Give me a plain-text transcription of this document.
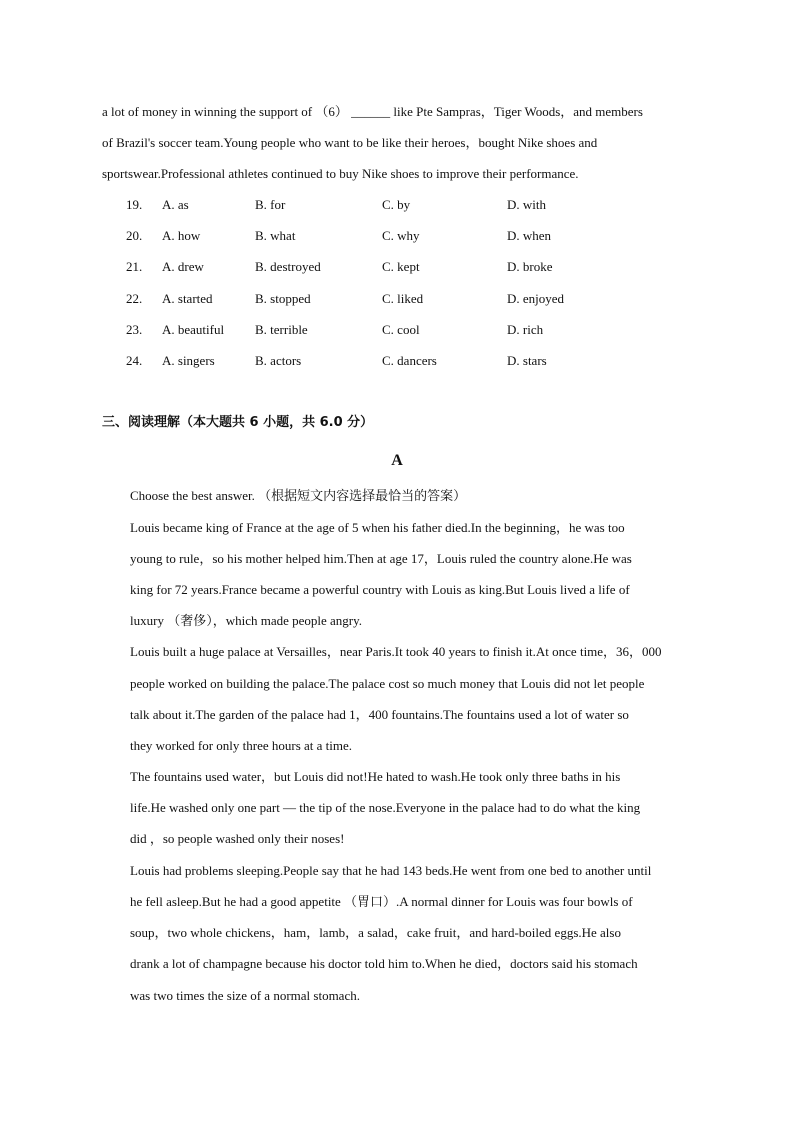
a lot of money in winning the support of （6） ______ like Pte Sampras，Tiger Woods，and members
of Brazil's soccer team.Young people who want to be like their heroes，bought Nike shoes and
sportswear.Professional athletes continued to buy Nike shoes to improve their performance.
19. A. as	B. for	C. by	D. with
20. A. how	B. what	C. why	D. when
21. A. drew	B. destroyed	C. kept	D. broke
22. A. started	B. stopped	C. liked	D. enjoyed
23. A. beautiful B. terrible	C. cool	D. rich
24. A. singers	B. actors	C. dancers	D. stars
三、阅读理解（本大题共 6 小题，共 6.0 分）
A
Choose the best answer. （根据短文内容选择最恰当的答案）
Louis became king of France at the age of 5 when his father died.In the beginning，he was too
young to rule，so his mother helped him.Then at age 17，Louis ruled the country alone.He was
king for 72 years.France became a powerful country with Louis as king.But Louis lived a life of
luxury （奢侈），which made people angry.
Louis built a huge palace at Versailles，near Paris.It took 40 years to finish it.At once time，36，000
people worked on building the palace.The palace cost so much money that Louis did not let people
talk about it.The garden of the palace had 1，400 fountains.The fountains used a lot of water so
they worked for only three hours at a time.
The fountains used water，but Louis did not!He hated to wash.He took only three baths in his
life.He washed only one part — the tip of the nose.Everyone in the palace had to do what the king
did ，so people washed only their noses!
Louis had problems sleeping.People say that he had 143 beds.He went from one bed to another until
he fell asleep.But he had a good appetite （胃口）.A normal dinner for Louis was four bowls of
soup，two whole chickens，ham，lamb，a salad，cake fruit，and hard-boiled eggs.He also
drank a lot of champagne because his doctor told him to.When he died，doctors said his stomach
was two times the size of a normal stomach.
